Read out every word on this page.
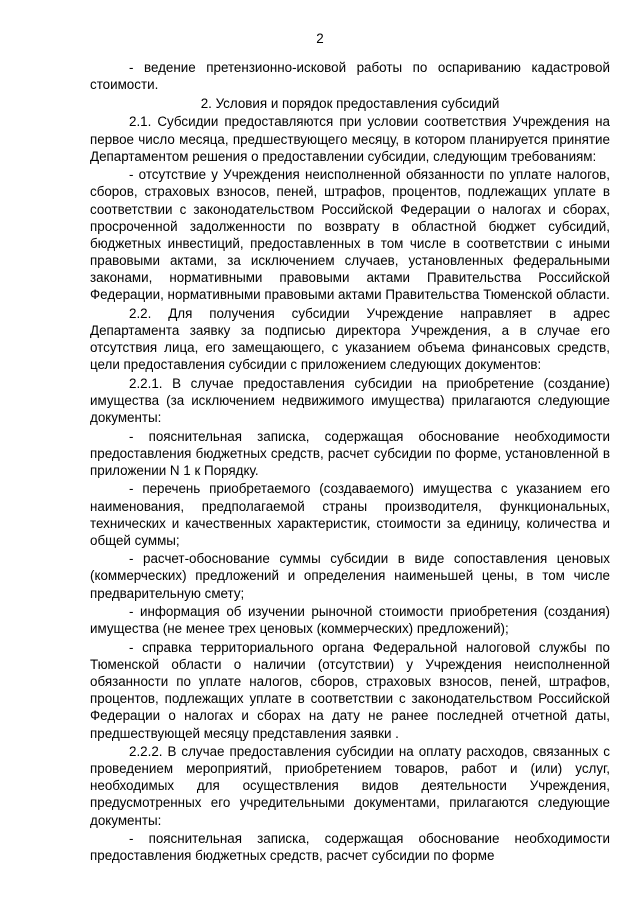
2

- ведение претензионно-исковой работы по оспариванию кадастровой стоимости.

2. Условия и порядок предоставления субсидий

2.1. Субсидии предоставляются при условии соответствия Учреждения на первое число месяца, предшествующего месяцу, в котором планируется принятие Департаментом решения о предоставлении субсидии, следующим требованиям:

- отсутствие у Учреждения неисполненной обязанности по уплате налогов, сборов, страховых взносов, пеней, штрафов, процентов, подлежащих уплате в соответствии с законодательством Российской Федерации о налогах и сборах, просроченной задолженности по возврату в областной бюджет субсидий, бюджетных инвестиций, предоставленных в том числе в соответствии с иными правовыми актами, за исключением случаев, установленных федеральными законами, нормативными правовыми актами Правительства Российской Федерации, нормативными правовыми актами Правительства Тюменской области.

2.2. Для получения субсидии Учреждение направляет в адрес Департамента заявку за подписью директора Учреждения, а в случае его отсутствия лица, его замещающего, с указанием объема финансовых средств, цели предоставления субсидии с приложением следующих документов:

2.2.1. В случае предоставления субсидии на приобретение (создание) имущества (за исключением недвижимого имущества) прилагаются следующие документы:

- пояснительная записка, содержащая обоснование необходимости предоставления бюджетных средств, расчет субсидии по форме, установленной в приложении N 1 к Порядку.

- перечень приобретаемого (создаваемого) имущества с указанием его наименования, предполагаемой страны производителя, функциональных, технических и качественных характеристик, стоимости за единицу, количества и общей суммы;

- расчет-обоснование суммы субсидии в виде сопоставления ценовых (коммерческих) предложений и определения наименьшей цены, в том числе предварительную смету;

- информация об изучении рыночной стоимости приобретения (создания) имущества (не менее трех ценовых (коммерческих) предложений);

- справка территориального органа Федеральной налоговой службы по Тюменской области о наличии (отсутствии) у Учреждения неисполненной обязанности по уплате налогов, сборов, страховых взносов, пеней, штрафов, процентов, подлежащих уплате в соответствии с законодательством Российской Федерации о налогах и сборах на дату не ранее последней отчетной даты, предшествующей месяцу представления заявки .

2.2.2. В случае предоставления субсидии на оплату расходов, связанных с проведением мероприятий, приобретением товаров, работ и (или) услуг, необходимых для осуществления видов деятельности Учреждения, предусмотренных его учредительными документами, прилагаются следующие документы:

- пояснительная записка, содержащая обоснование необходимости предоставления бюджетных средств, расчет субсидии по форме
